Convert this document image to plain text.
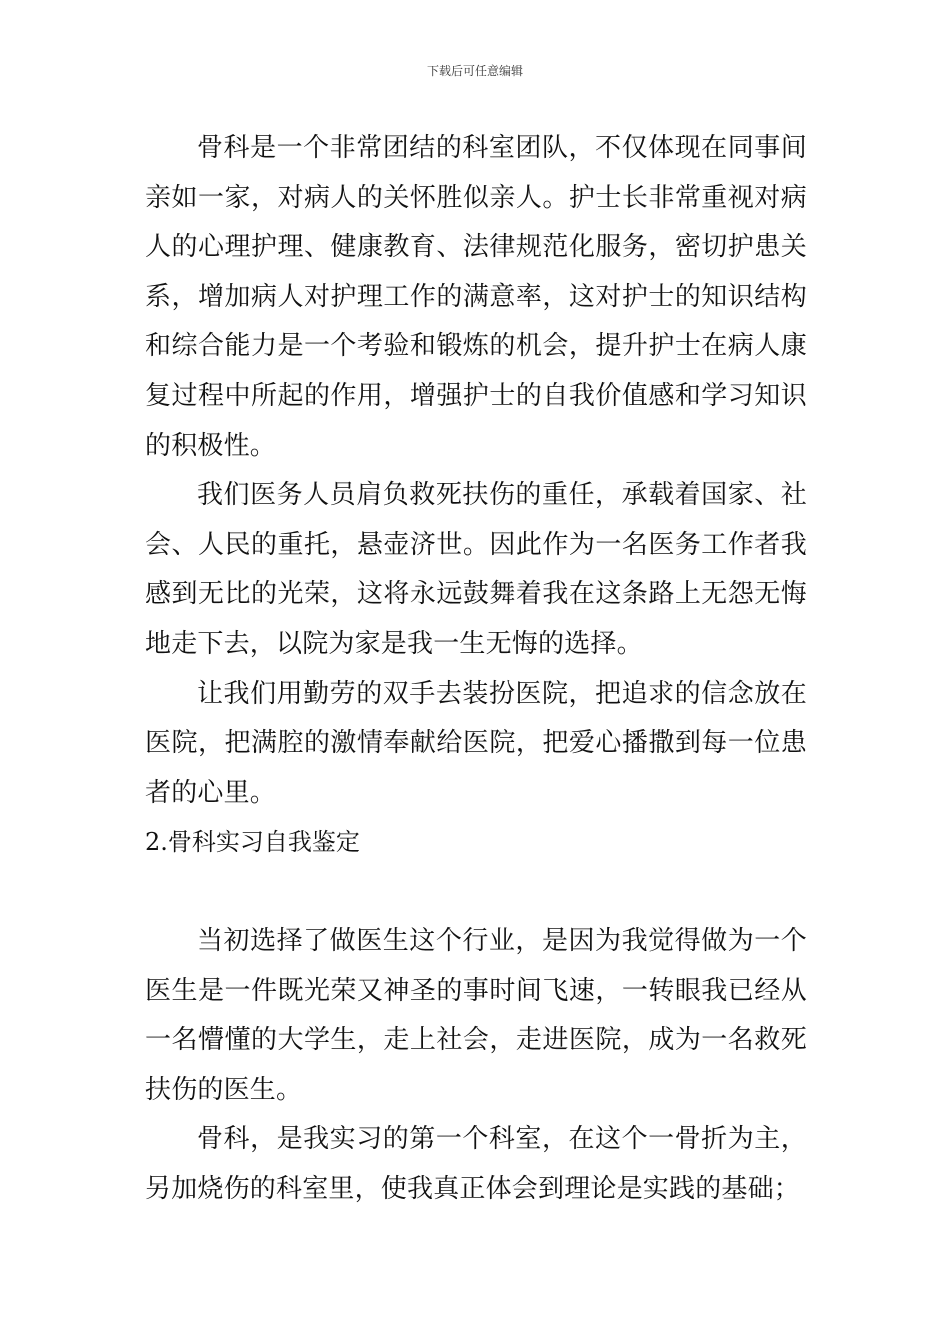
下载后可任意编辑

骨科是一个非常团结的科室团队，不仅体现在同事间亲如一家，对病人的关怀胜似亲人。护士长非常重视对病人的心理护理、健康教育、法律规范化服务，密切护患关系，增加病人对护理工作的满意率，这对护士的知识结构和综合能力是一个考验和锻炼的机会，提升护士在病人康复过程中所起的作用，增强护士的自我价值感和学习知识的积极性。

我们医务人员肩负救死扶伤的重任，承载着国家、社会、人民的重托，悬壶济世。因此作为一名医务工作者我感到无比的光荣，这将永远鼓舞着我在这条路上无怨无悔地走下去，以院为家是我一生无悔的选择。

让我们用勤劳的双手去装扮医院，把追求的信念放在医院，把满腔的激情奉献给医院，把爱心播撒到每一位患者的心里。

2.骨科实习自我鉴定

当初选择了做医生这个行业，是因为我觉得做为一个医生是一件既光荣又神圣的事时间飞速，一转眼我已经从一名懵懂的大学生，走上社会，走进医院，成为一名救死扶伤的医生。

骨科，是我实习的第一个科室，在这个一骨折为主，另加烧伤的科室里，使我真正体会到理论是实践的基础；
